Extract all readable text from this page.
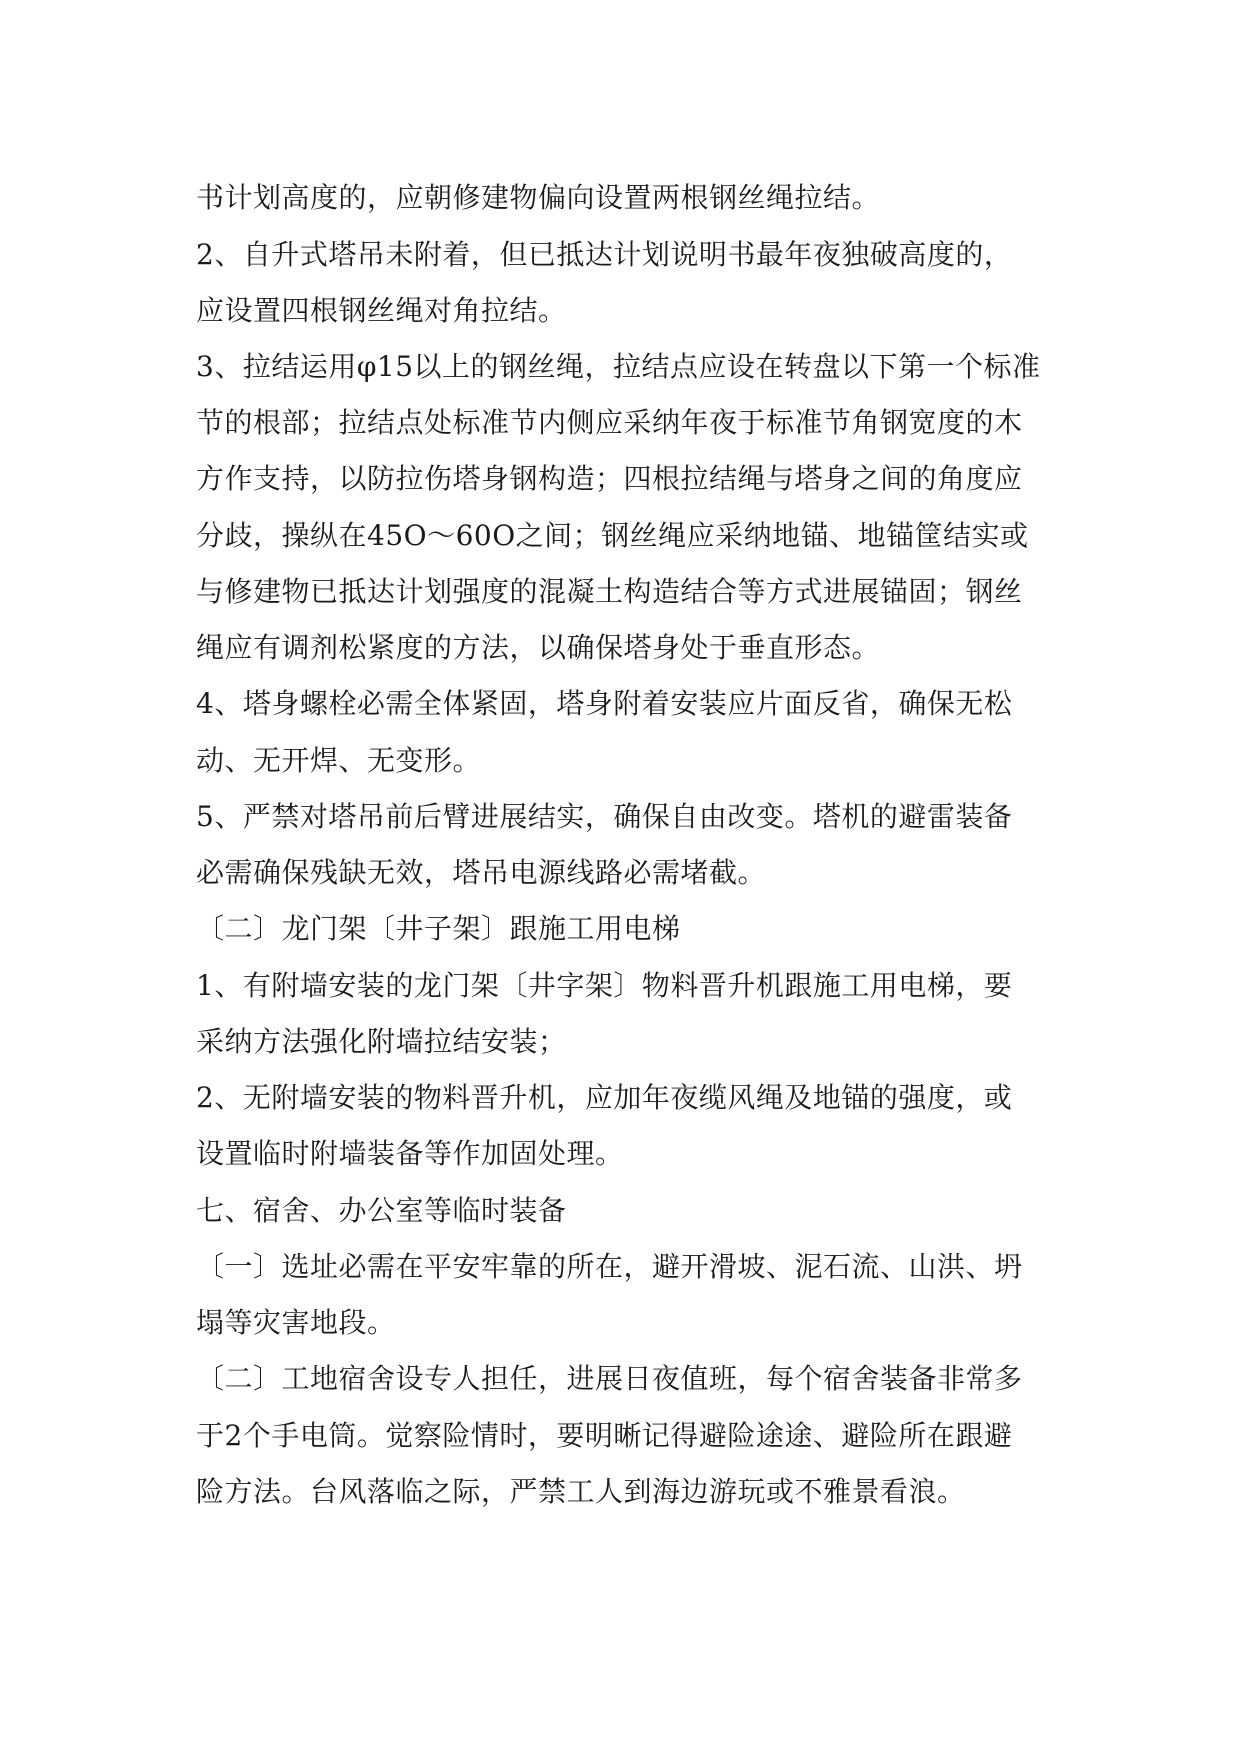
书计划高度的，应朝修建物偏向设置两根钢丝绳拉结。
2、自升式塔吊未附着，但已抵达计划说明书最年夜独破高度的，
应设置四根钢丝绳对角拉结。
3、拉结运用φ15以上的钢丝绳，拉结点应设在转盘以下第一个标准
节的根部；拉结点处标准节内侧应采纳年夜于标准节角钢宽度的木
方作支持，以防拉伤塔身钢构造；四根拉结绳与塔身之间的角度应
分歧，操纵在45O～60O之间；钢丝绳应采纳地锚、地锚筐结实或
与修建物已抵达计划强度的混凝土构造结合等方式进展锚固；钢丝
绳应有调剂松紧度的方法，以确保塔身处于垂直形态。
4、塔身螺栓必需全体紧固，塔身附着安装应片面反省，确保无松
动、无开焊、无变形。
5、严禁对塔吊前后臂进展结实，确保自由改变。塔机的避雷装备
必需确保残缺无效，塔吊电源线路必需堵截。
〔二〕龙门架〔井子架〕跟施工用电梯
1、有附墙安装的龙门架〔井字架〕物料晋升机跟施工用电梯，要
采纳方法强化附墙拉结安装；
2、无附墙安装的物料晋升机，应加年夜缆风绳及地锚的强度，或
设置临时附墙装备等作加固处理。
七、宿舍、办公室等临时装备
〔一〕选址必需在平安牢靠的所在，避开滑坡、泥石流、山洪、坍
塌等灾害地段。
〔二〕工地宿舍设专人担任，进展日夜值班，每个宿舍装备非常多
于2个手电筒。觉察险情时，要明晰记得避险途途、避险所在跟避
险方法。台风落临之际，严禁工人到海边游玩或不雅景看浪。
